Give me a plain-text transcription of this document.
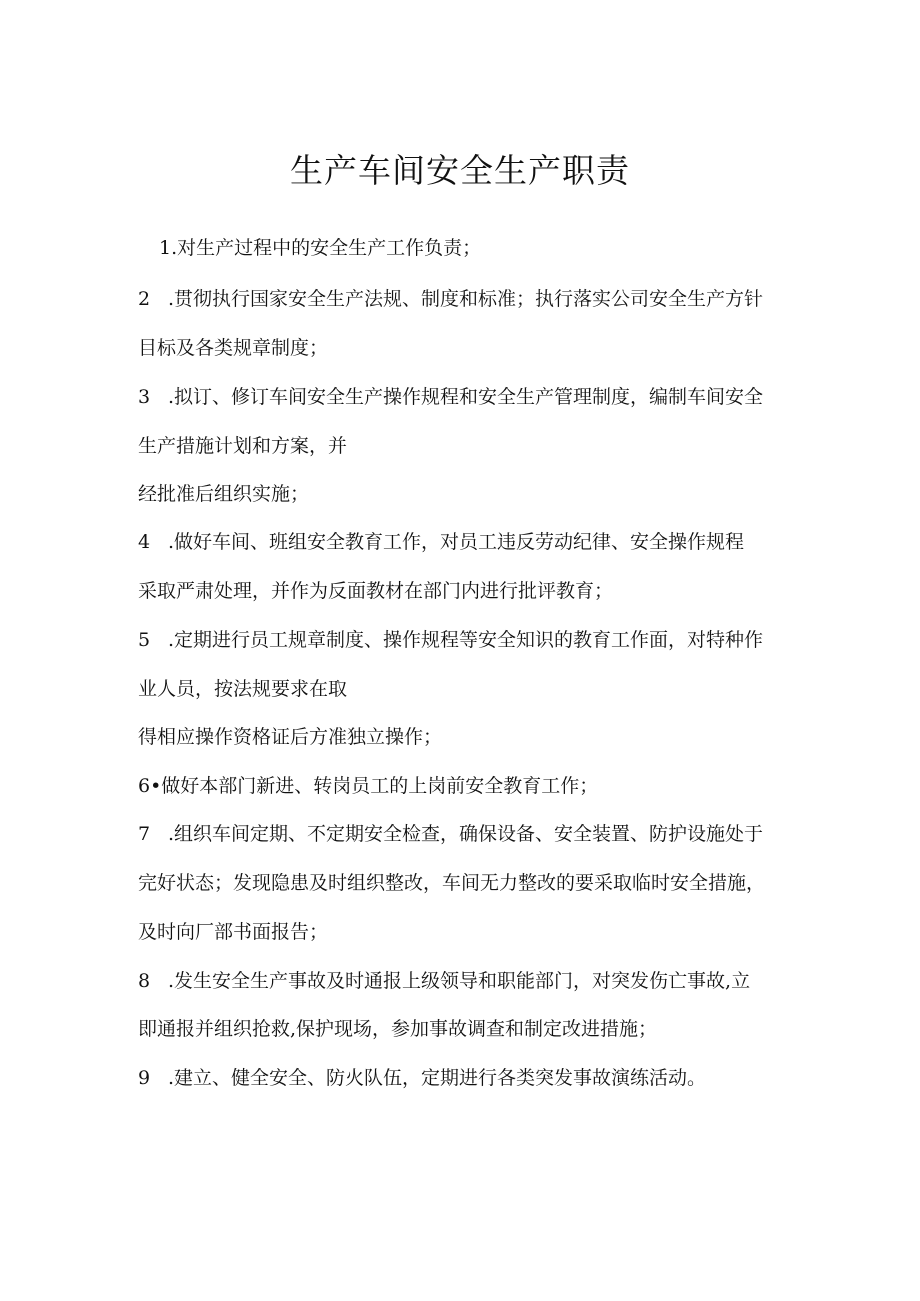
生产车间安全生产职责

1.对生产过程中的安全生产工作负责；

2 .贯彻执行国家安全生产法规、制度和标准；执行落实公司安全生产方针

目标及各类规章制度；

3 .拟订、修订车间安全生产操作规程和安全生产管理制度，编制车间安全

生产措施计划和方案，并

经批准后组织实施；

4 .做好车间、班组安全教育工作，对员工违反劳动纪律、安全操作规程

采取严肃处理，并作为反面教材在部门内进行批评教育；

5 .定期进行员工规章制度、操作规程等安全知识的教育工作面，对特种作

业人员，按法规要求在取

得相应操作资格证后方准独立操作；

6•做好本部门新进、转岗员工的上岗前安全教育工作；

7 .组织车间定期、不定期安全检查，确保设备、安全装置、防护设施处于

完好状态；发现隐患及时组织整改，车间无力整改的要采取临时安全措施，

及时向厂部书面报告；

8 .发生安全生产事故及时通报上级领导和职能部门，对突发伤亡事故,立

即通报并组织抢救,保护现场，参加事故调查和制定改进措施；

9 .建立、健全安全、防火队伍，定期进行各类突发事故演练活动。
